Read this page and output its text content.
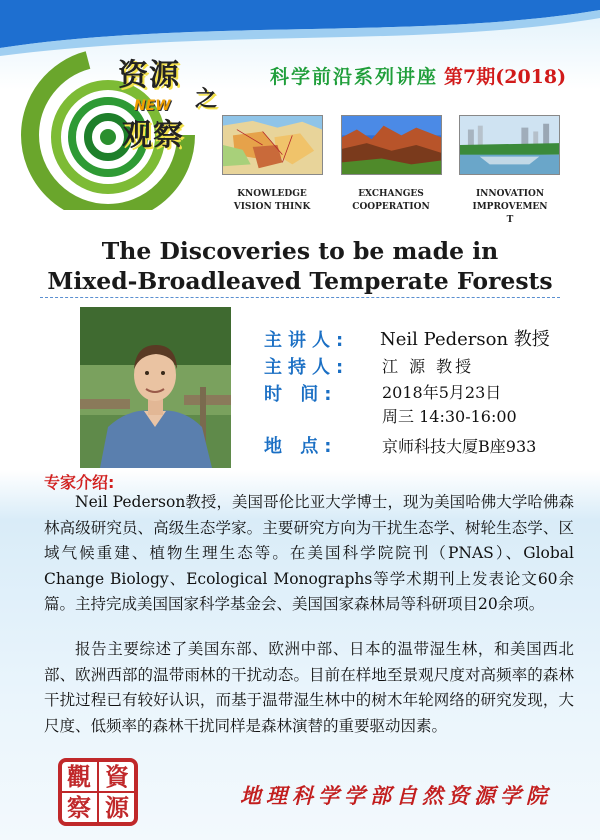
资源
NEW 之
观察
科学前沿系列讲座 第7期(2018)
KNOWLEDGE
VISION THINK
EXCHANGES
COOPERATION
INNOVATION
IMPROVEMEN
T
The Discoveries to be made in
Mixed-Broadleaved Temperate Forests
主讲人: Neil Pederson 教授
主持人: 江 源 教授
时 间:	2018年5月23日
周三 14:30-16:00
地 点:	京师科技大厦B座933
专家介绍:
Neil Pederson教授，美国哥伦比亚大学博士，现为美国哈佛大学哈佛森林高级研究员、高级生态学家。主要研究方向为干扰生态学、树轮生态学、区域气候重建、植物生理生态等。在美国科学院院刊（PNAS）、Global Change Biology、Ecological Monographs等学术期刊上发表论文60余篇。主持完成美国国家科学基金会、美国国家森林局等科研项目20余项。
报告主要综述了美国东部、欧洲中部、日本的温带湿生林，和美国西北部、欧洲西部的温带雨林的干扰动态。目前在样地至景观尺度对高频率的森林干扰过程已有较好认识，而基于温带湿生林中的树木年轮网络的研究发现，大尺度、低频率的森林干扰同样是森林演替的重要驱动因素。
觀 資
察 源	地理科学学部自然资源学院
